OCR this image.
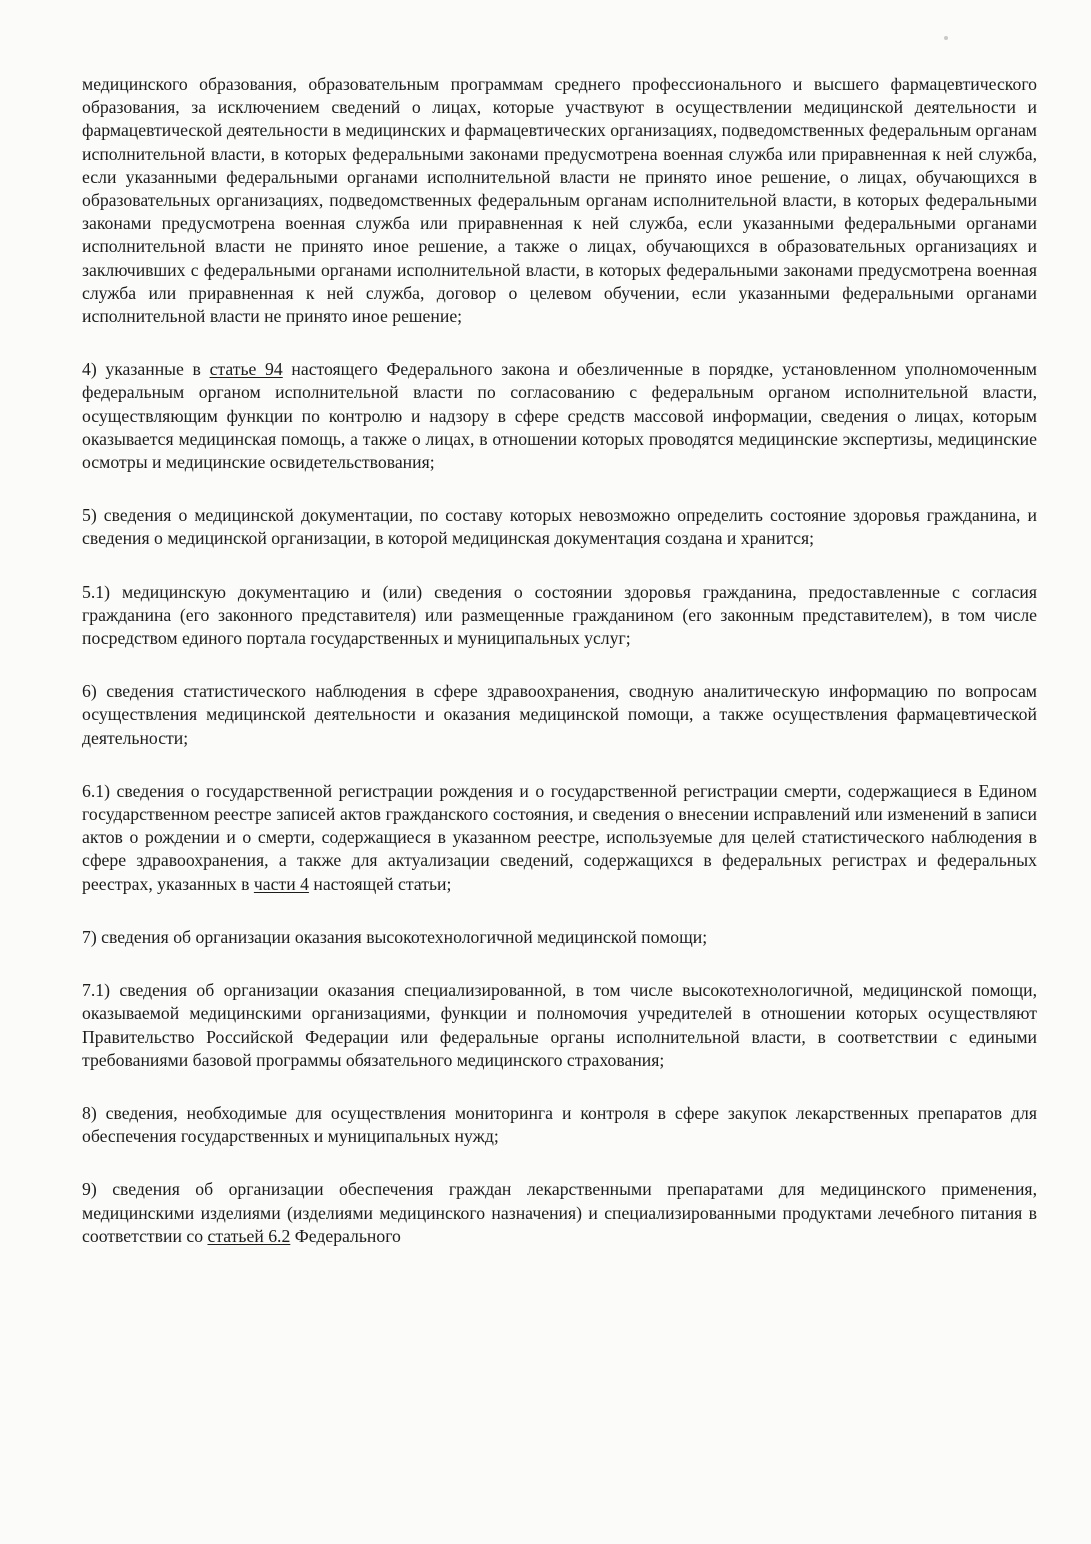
медицинского образования, образовательным программам среднего профессионального и высшего фармацевтического образования, за исключением сведений о лицах, которые участвуют в осуществлении медицинской деятельности и фармацевтической деятельности в медицинских и фармацевтических организациях, подведомственных федеральным органам исполнительной власти, в которых федеральными законами предусмотрена военная служба или приравненная к ней служба, если указанными федеральными органами исполнительной власти не принято иное решение, о лицах, обучающихся в образовательных организациях, подведомственных федеральным органам исполнительной власти, в которых федеральными законами предусмотрена военная служба или приравненная к ней служба, если указанными федеральными органами исполнительной власти не принято иное решение, а также о лицах, обучающихся в образовательных организациях и заключивших с федеральными органами исполнительной власти, в которых федеральными законами предусмотрена военная служба или приравненная к ней служба, договор о целевом обучении, если указанными федеральными органами исполнительной власти не принято иное решение;

4) указанные в статье 94 настоящего Федерального закона и обезличенные в порядке, установленном уполномоченным федеральным органом исполнительной власти по согласованию с федеральным органом исполнительной власти, осуществляющим функции по контролю и надзору в сфере средств массовой информации, сведения о лицах, которым оказывается медицинская помощь, а также о лицах, в отношении которых проводятся медицинские экспертизы, медицинские осмотры и медицинские освидетельствования;

5) сведения о медицинской документации, по составу которых невозможно определить состояние здоровья гражданина, и сведения о медицинской организации, в которой медицинская документация создана и хранится;

5.1) медицинскую документацию и (или) сведения о состоянии здоровья гражданина, предоставленные с согласия гражданина (его законного представителя) или размещенные гражданином (его законным представителем), в том числе посредством единого портала государственных и муниципальных услуг;

6) сведения статистического наблюдения в сфере здравоохранения, сводную аналитическую информацию по вопросам осуществления медицинской деятельности и оказания медицинской помощи, а также осуществления фармацевтической деятельности;

6.1) сведения о государственной регистрации рождения и о государственной регистрации смерти, содержащиеся в Едином государственном реестре записей актов гражданского состояния, и сведения о внесении исправлений или изменений в записи актов о рождении и о смерти, содержащиеся в указанном реестре, используемые для целей статистического наблюдения в сфере здравоохранения, а также для актуализации сведений, содержащихся в федеральных регистрах и федеральных реестрах, указанных в части 4 настоящей статьи;

7) сведения об организации оказания высокотехнологичной медицинской помощи;

7.1) сведения об организации оказания специализированной, в том числе высокотехнологичной, медицинской помощи, оказываемой медицинскими организациями, функции и полномочия учредителей в отношении которых осуществляют Правительство Российской Федерации или федеральные органы исполнительной власти, в соответствии с едиными требованиями базовой программы обязательного медицинского страхования;

8) сведения, необходимые для осуществления мониторинга и контроля в сфере закупок лекарственных препаратов для обеспечения государственных и муниципальных нужд;

9) сведения об организации обеспечения граждан лекарственными препаратами для медицинского применения, медицинскими изделиями (изделиями медицинского назначения) и специализированными продуктами лечебного питания в соответствии со статьей 6.2 Федерального
